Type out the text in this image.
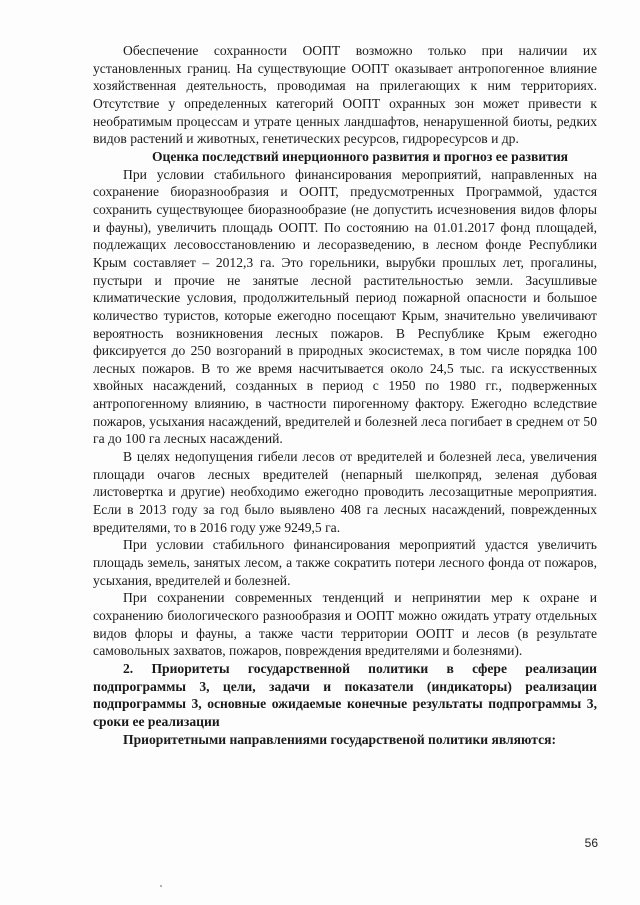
Обеспечение сохранности ООПТ возможно только при наличии их установленных границ. На существующие ООПТ оказывает антропогенное влияние хозяйственная деятельность, проводимая на прилегающих к ним территориях. Отсутствие у определенных категорий ООПТ охранных зон может привести к необратимым процессам и утрате ценных ландшафтов, ненарушенной биоты, редких видов растений и животных, генетических ресурсов, гидроресурсов и др.

Оценка последствий инерционного развития и прогноз ее развития

При условии стабильного финансирования мероприятий, направленных на сохранение биоразнообразия и ООПТ, предусмотренных Программой, удастся сохранить существующее биоразнообразие (не допустить исчезновения видов флоры и фауны), увеличить площадь ООПТ. По состоянию на 01.01.2017 фонд площадей, подлежащих лесовосстановлению и лесоразведению, в лесном фонде Республики Крым составляет – 2012,3 га. Это горельники, вырубки прошлых лет, прогалины, пустыри и прочие не занятые лесной растительностью земли. Засушливые климатические условия, продолжительный период пожарной опасности и большое количество туристов, которые ежегодно посещают Крым, значительно увеличивают вероятность возникновения лесных пожаров. В Республике Крым ежегодно фиксируется до 250 возгораний в природных экосистемах, в том числе порядка 100 лесных пожаров. В то же время насчитывается около 24,5 тыс. га искусственных хвойных насаждений, созданных в период с 1950 по 1980 гг., подверженных антропогенному влиянию, в частности пирогенному фактору. Ежегодно вследствие пожаров, усыхания насаждений, вредителей и болезней леса погибает в среднем от 50 га до 100 га лесных насаждений.

В целях недопущения гибели лесов от вредителей и болезней леса, увеличения площади очагов лесных вредителей (непарный шелкопряд, зеленая дубовая листовертка и другие) необходимо ежегодно проводить лесозащитные мероприятия. Если в 2013 году за год было выявлено 408 га лесных насаждений, поврежденных вредителями, то в 2016 году уже 9249,5 га.

При условии стабильного финансирования мероприятий удастся увеличить площадь земель, занятых лесом, а также сократить потери лесного фонда от пожаров, усыхания, вредителей и болезней.

При сохранении современных тенденций и непринятии мер к охране и сохранению биологического разнообразия и ООПТ можно ожидать утрату отдельных видов флоры и фауны, а также части территории ООПТ и лесов (в результате самовольных захватов, пожаров, повреждения вредителями и болезнями).

2. Приоритеты государственной политики в сфере реализации подпрограммы 3, цели, задачи и показатели (индикаторы) реализации подпрограммы 3, основные ожидаемые конечные результаты подпрограммы 3, сроки ее реализации

Приоритетными направлениями государственой политики являются:

56
